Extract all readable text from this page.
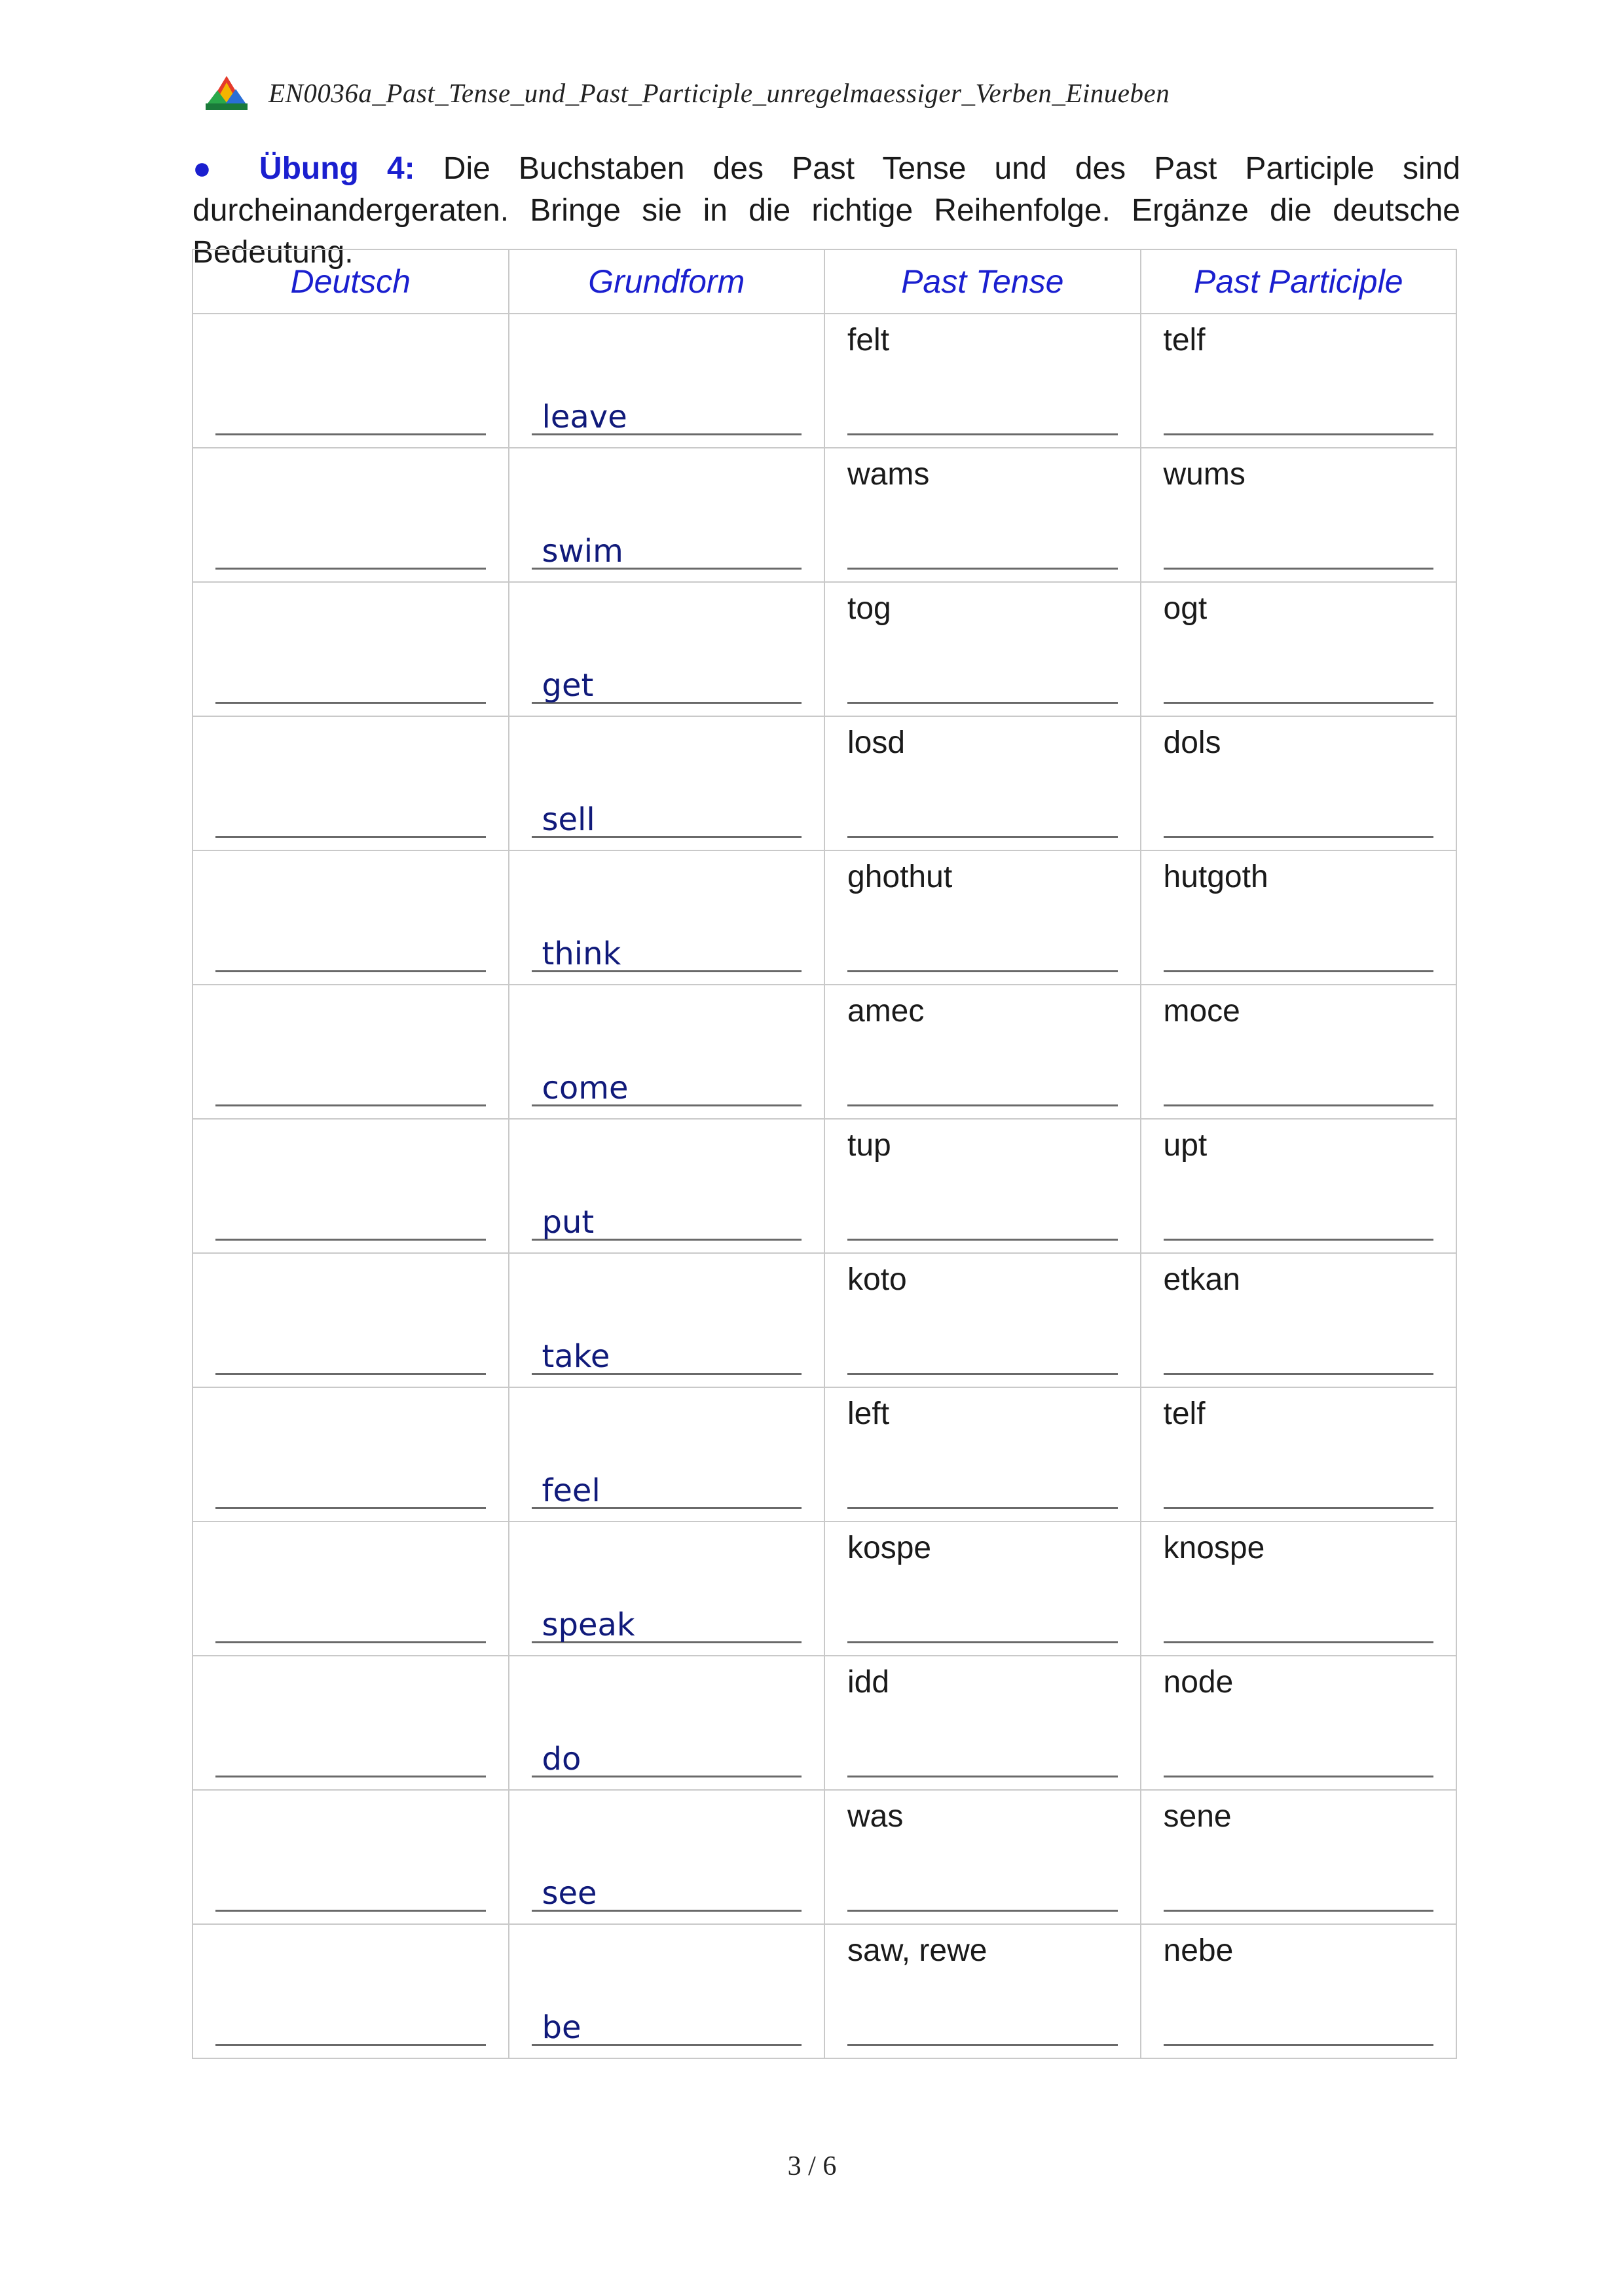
EN0036a_Past_Tense_und_Past_Participle_unregelmaessiger_Verben_Einueben
● Übung 4: Die Buchstaben des Past Tense und des Past Participle sind durcheinandergeraten. Bringe sie in die richtige Reihenfolge. Ergänze die deutsche Bedeutung.
Deutsch	Grundform	Past Tense	Past Participle

	leave	felt	telf

	swim	wams	wums

	get	tog	ogt

	sell	losd	dols

	think	ghothut	hutgoth

	come	amec	moce

	put	tup	upt

	take	koto	etkan

	feel	left	telf

	speak	kospe	knospe

	do	idd	node

	see	was	sene

	be	saw, rewe	nebe
3 / 6
